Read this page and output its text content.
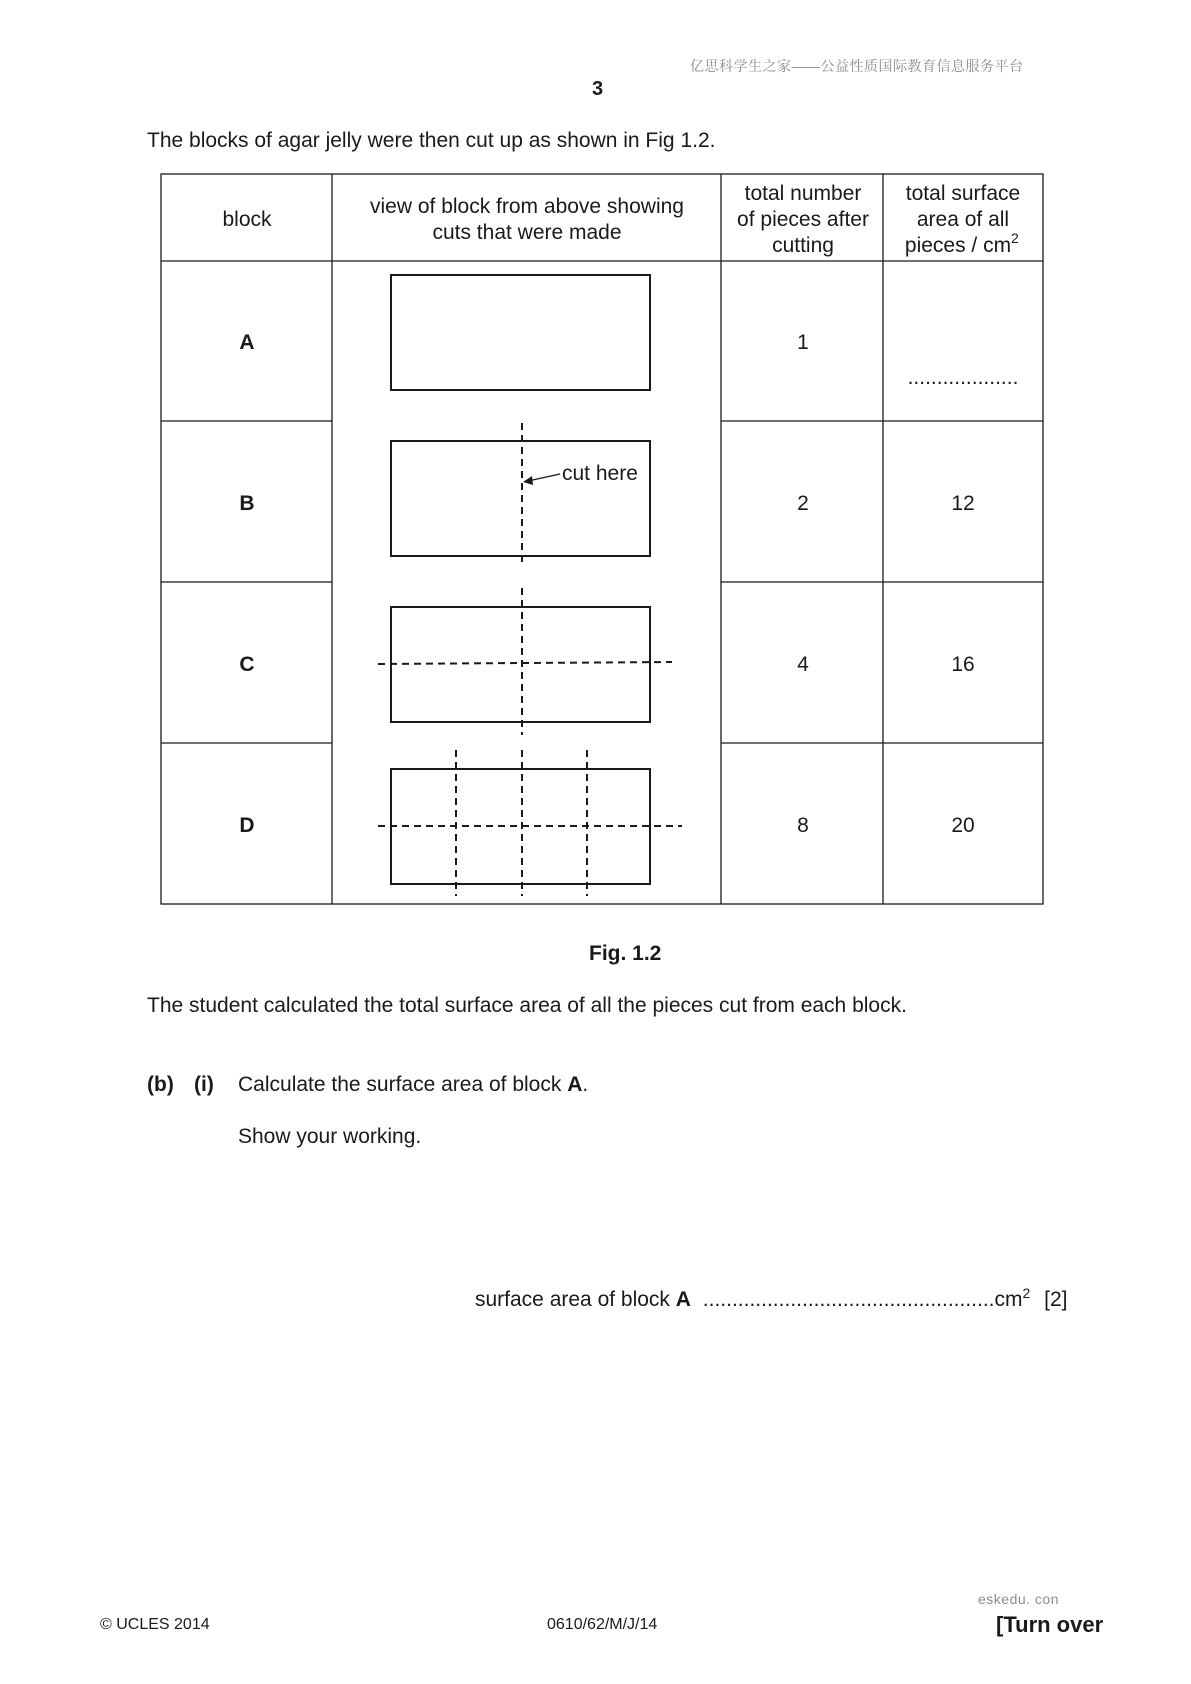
亿思科学生之家——公益性质国际教育信息服务平台
3
The blocks of agar jelly were then cut up as shown in Fig 1.2.
block
view of block from above showing
cuts that were made
total number
of pieces after
cutting
total surface
area of all
pieces / cm 2
A
B
C
D
1
2
4
8
...................
12
16
20
cut here
Fig. 1.2
The student calculated the total surface area of all the pieces cut from each block.
(b) (i) Calculate the surface area of block A.
Show your working.
surface area of block A $..................................................cm^2$ [2]
eskedu. con
© UCLES 2014	0610/62/M/J/14	[Turn over
